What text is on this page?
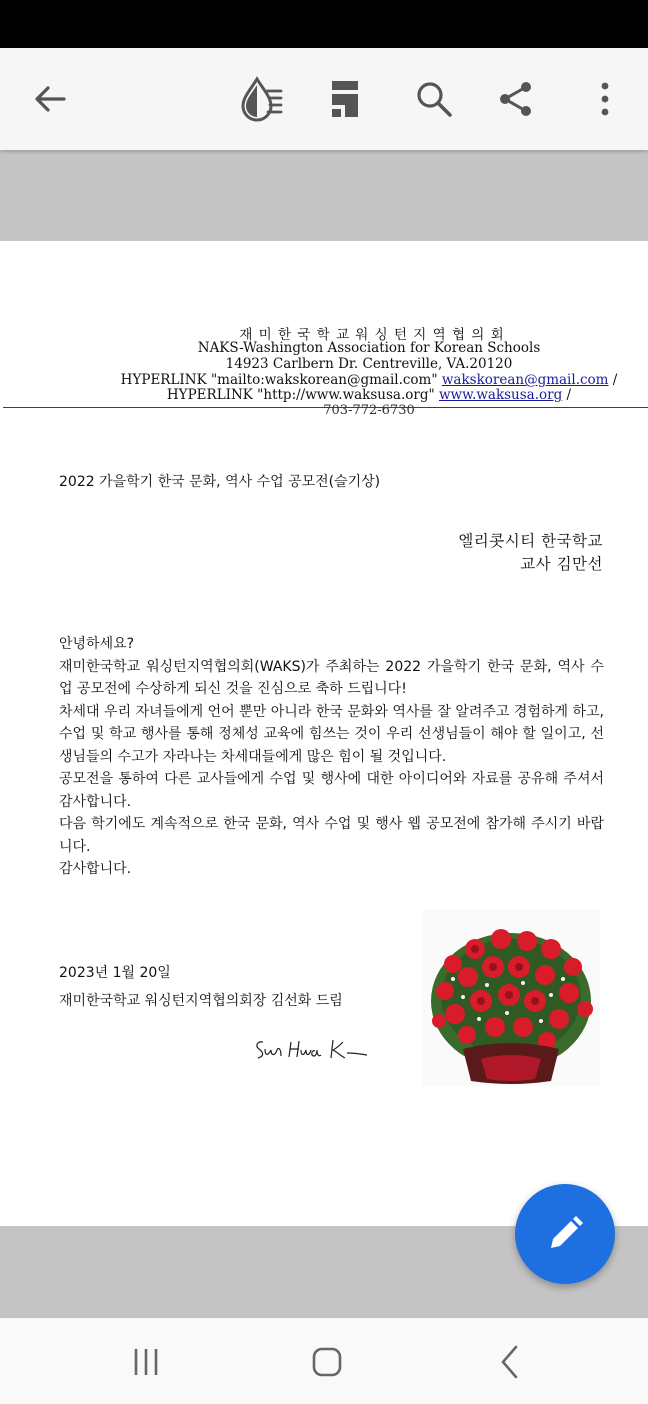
재 미 한 국 학 교 워 싱 턴 지 역 협 의 회
NAKS-Washington Association for Korean Schools
14923 Carlbern Dr. Centreville, VA.20120
HYPERLINK "mailto:wakskorean@gmail.com" wakskorean@gmail.com /
HYPERLINK "http://www.waksusa.org" www.waksusa.org /
703-772-6730
2022 가을학기 한국 문화, 역사 수업 공모전(슬기상)
엘리콧시티 한국학교
교사 김만선

안녕하세요?

재미한국학교 워싱턴지역협의회(WAKS)가 주최하는 2022 가을학기 한국 문화, 역사 수업 공모전에 수상하게 되신 것을 진심으로 축하 드립니다!

차세대 우리 자녀들에게 언어 뿐만 아니라 한국 문화와 역사를 잘 알려주고 경험하게 하고, 수업 및 학교 행사를 통해 정체성 교육에 힘쓰는 것이 우리 선생님들이 해야 할 일이고, 선생님들의 수고가 자라나는 차세대들에게 많은 힘이 될 것입니다.

공모전을 통하여 다른 교사들에게 수업 및 행사에 대한 아이디어와 자료를 공유해 주셔서 감사합니다.

다음 학기에도 계속적으로 한국 문화, 역사 수업 및 행사 웹 공모전에 참가해 주시기 바랍니다.

감사합니다.

2023년 1월 20일
재미한국학교 워싱턴지역협의회장 김선화 드림
